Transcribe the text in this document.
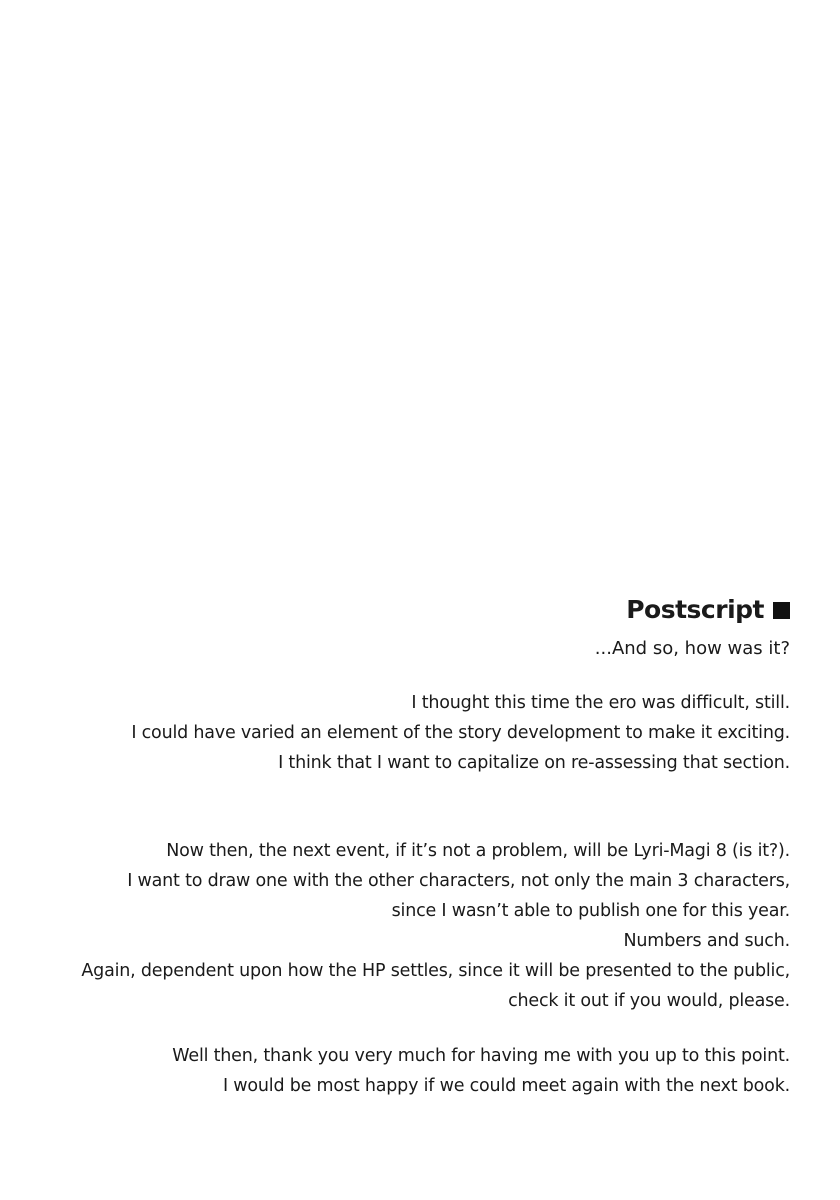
Postscript
...And so, how was it?
I thought this time the ero was difficult, still.
I could have varied an element of the story development to make it exciting.
I think that I want to capitalize on re-assessing that section.
Now then, the next event, if it’s not a problem, will be Lyri-Magi 8 (is it?).
I want to draw one with the other characters, not only the main 3 characters,
since I wasn’t able to publish one for this year.
Numbers and such.
Again, dependent upon how the HP settles, since it will be presented to the public,
check it out if you would, please.
Well then, thank you very much for having me with you up to this point.
I would be most happy if we could meet again with the next book.
